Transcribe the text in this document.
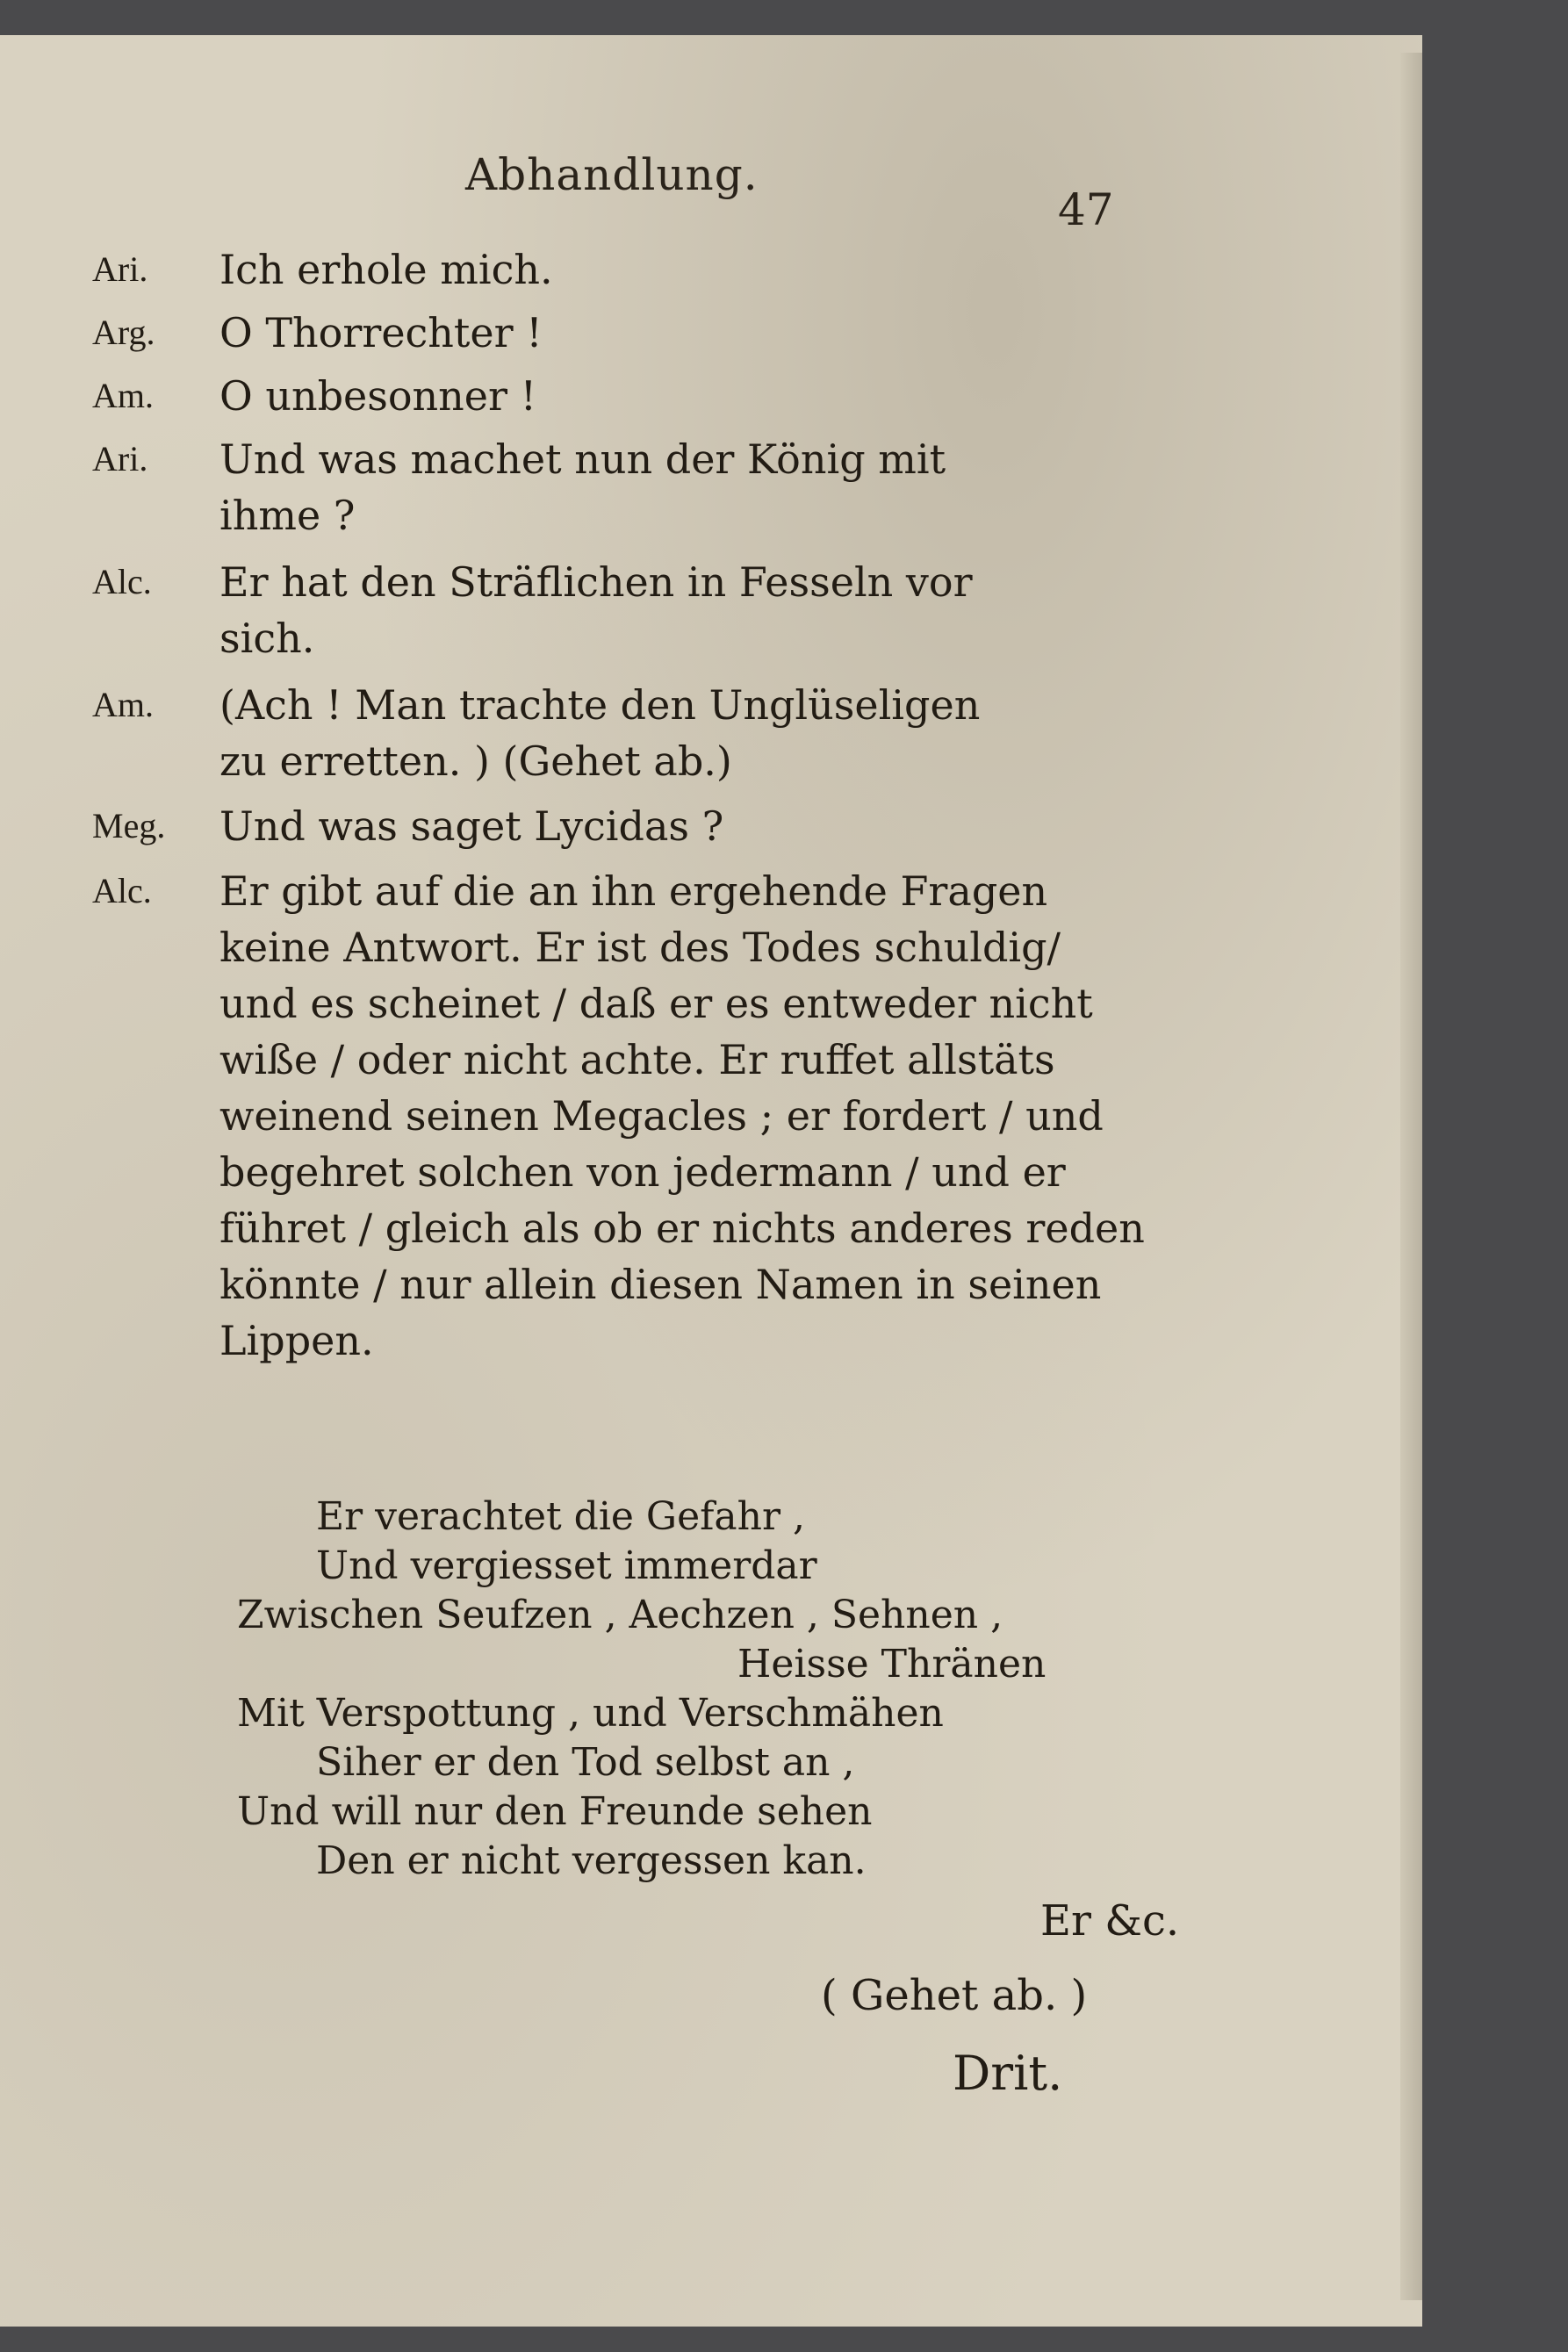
Abhandlung.
47
Ari. Ich erhole mich.
Arg. O Thorrechter !
Am. O unbesonner !
Ari. Und was machet nun der König mit
ihme ?
Alc. Er hat den Sträflichen in Fesseln vor
sich.
Am. (Ach ! Man trachte den Unglüseligen
zu erretten. ) (Gehet ab.)
Meg. Und was saget Lycidas ?
Alc. Er gibt auf die an ihn ergehende Fragen
keine Antwort. Er ist des Todes schuldig/
und es scheinet / daß er es entweder nicht
wiße / oder nicht achte. Er ruffet allstäts
weinend seinen Megacles ; er fordert / und
begehret solchen von jedermann / und er
führet / gleich als ob er nichts anderes reden
könnte / nur allein diesen Namen in seinen
Lippen.
Er verachtet die Gefahr ,
Und vergiesset immerdar
Zwischen Seufzen , Aechzen , Sehnen ,
Heisse Thränen
Mit Verspottung , und Verschmähen
Siher er den Tod selbst an ,
Und will nur den Freunde sehen
Den er nicht vergessen kan.
Er &c.
( Gehet ab. )
Drit.
